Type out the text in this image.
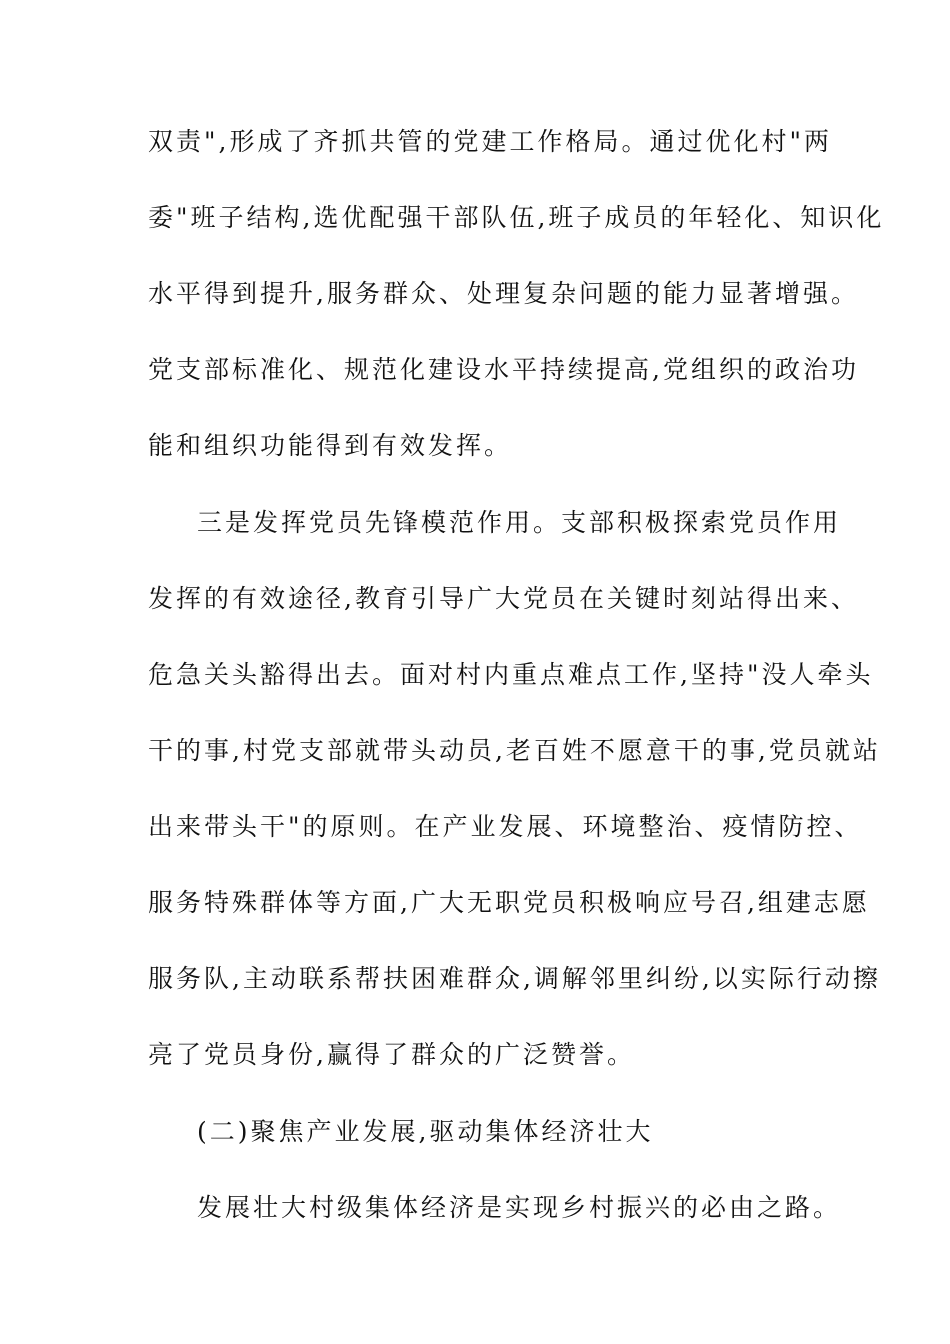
双责",形成了齐抓共管的党建工作格局。通过优化村"两
委"班子结构,选优配强干部队伍,班子成员的年轻化、知识化
水平得到提升,服务群众、处理复杂问题的能力显著增强。
党支部标准化、规范化建设水平持续提高,党组织的政治功
能和组织功能得到有效发挥。
三是发挥党员先锋模范作用。支部积极探索党员作用
发挥的有效途径,教育引导广大党员在关键时刻站得出来、
危急关头豁得出去。面对村内重点难点工作,坚持"没人牵头
干的事,村党支部就带头动员,老百姓不愿意干的事,党员就站
出来带头干"的原则。在产业发展、环境整治、疫情防控、
服务特殊群体等方面,广大无职党员积极响应号召,组建志愿
服务队,主动联系帮扶困难群众,调解邻里纠纷,以实际行动擦
亮了党员身份,赢得了群众的广泛赞誉。
(二)聚焦产业发展,驱动集体经济壮大
发展壮大村级集体经济是实现乡村振兴的必由之路。
